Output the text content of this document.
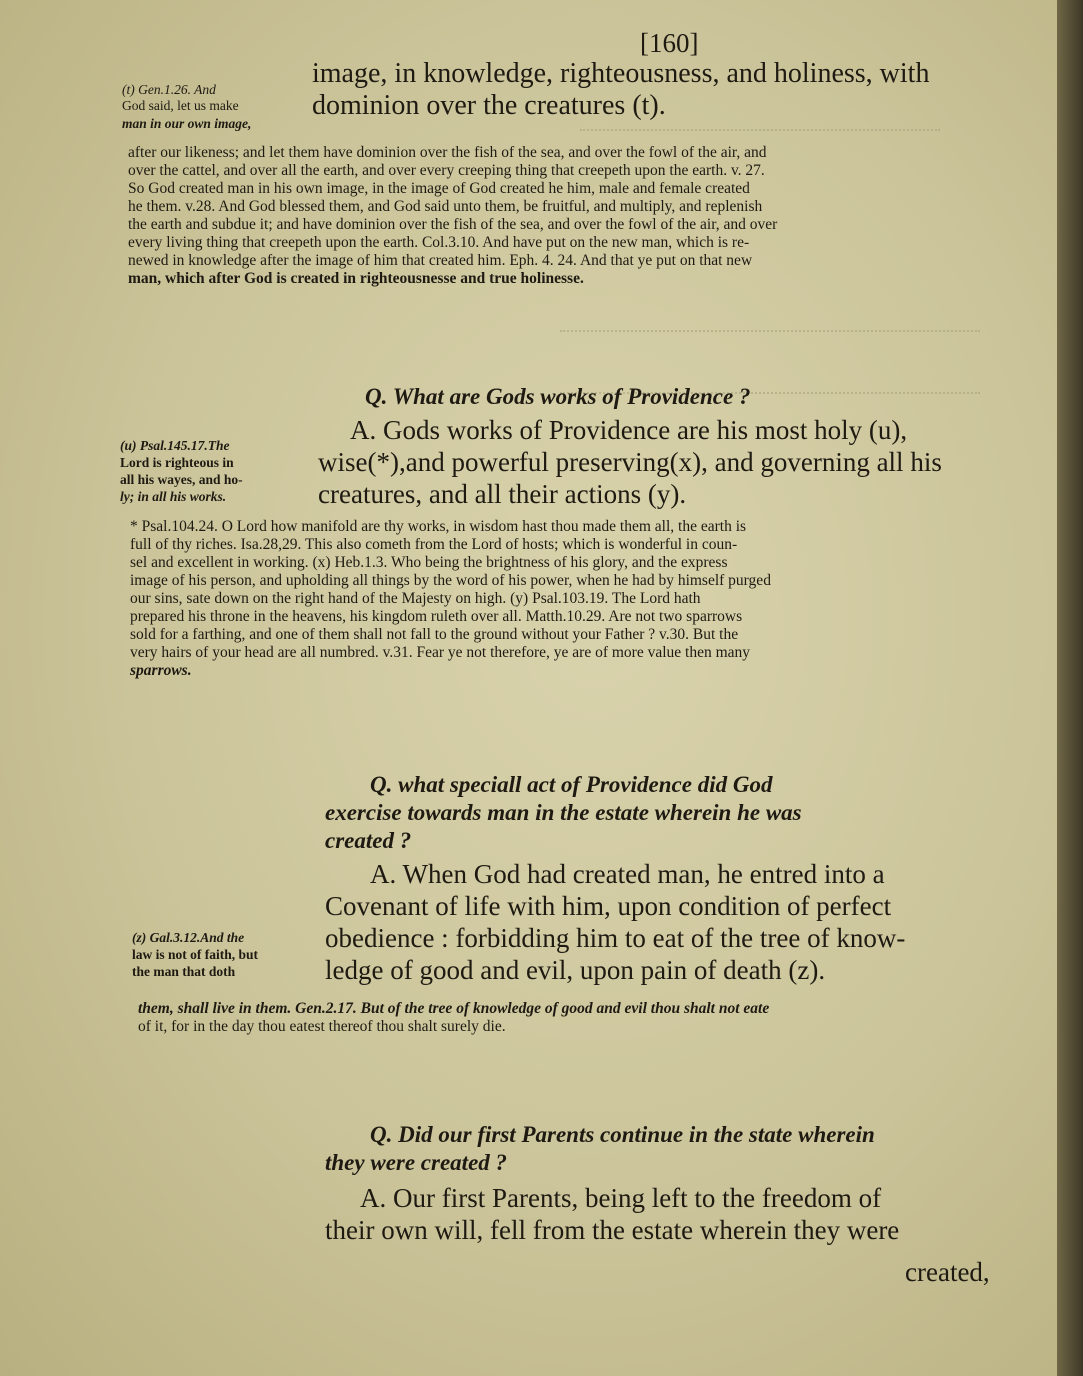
[160]
(t) Gen.1.26. And
God said, let us make
man in our own image,
image, in knowledge, righteousness, and holiness, with
dominion over the creatures (t).
after our likeness; and let them have dominion over the fish of the sea, and over the fowl of the air, and
over the cattel, and over all the earth, and over every creeping thing that creepeth upon the earth. v. 27.
So God created man in his own image, in the image of God created he him, male and female created
he them. v.28. And God blessed them, and God said unto them, be fruitful, and multiply, and replenish
the earth and subdue it; and have dominion over the fish of the sea, and over the fowl of the air, and over
every living thing that creepeth upon the earth. Col.3.10. And have put on the new man, which is re-
newed in knowledge after the image of him that created him. Eph. 4. 24. And that ye put on that new
man, which after God is created in righteousnesse and true holinesse.
Q. What are Gods works of Providence ?
(u) Psal.145.17.The
Lord is righteous in
all his wayes, and ho-
ly; in all his works.
A. Gods works of Providence are his most holy (u),
wise(*),and powerful preserving(x), and governing all his
creatures, and all their actions (y).
* Psal.104.24. O Lord how manifold are thy works, in wisdom hast thou made them all, the earth is
full of thy riches. Isa.28,29. This also cometh from the Lord of hosts; which is wonderful in coun-
sel and excellent in working. (x) Heb.1.3. Who being the brightness of his glory, and the express
image of his person, and upholding all things by the word of his power, when he had by himself purged
our sins, sate down on the right hand of the Majesty on high. (y) Psal.103.19. The Lord hath
prepared his throne in the heavens, his kingdom ruleth over all. Matth.10.29. Are not two sparrows
sold for a farthing, and one of them shall not fall to the ground without your Father ? v.30. But the
very hairs of your head are all numbred. v.31. Fear ye not therefore, ye are of more value then many
sparrows.
Q. what speciall act of Providence did God
exercise towards man in the estate wherein he was
created ?
A. When God had created man, he entred into a
Covenant of life with him, upon condition of perfect
obedience : forbidding him to eat of the tree of know-
ledge of good and evil, upon pain of death (z).
(z) Gal.3.12.And the
law is not of faith, but
the man that doth
them, shall live in them. Gen.2.17. But of the tree of knowledge of good and evil thou shalt not eate
of it, for in the day thou eatest thereof thou shalt surely die.
Q. Did our first Parents continue in the state wherein
they were created ?
A. Our first Parents, being left to the freedom of
their own will, fell from the estate wherein they were
created,
